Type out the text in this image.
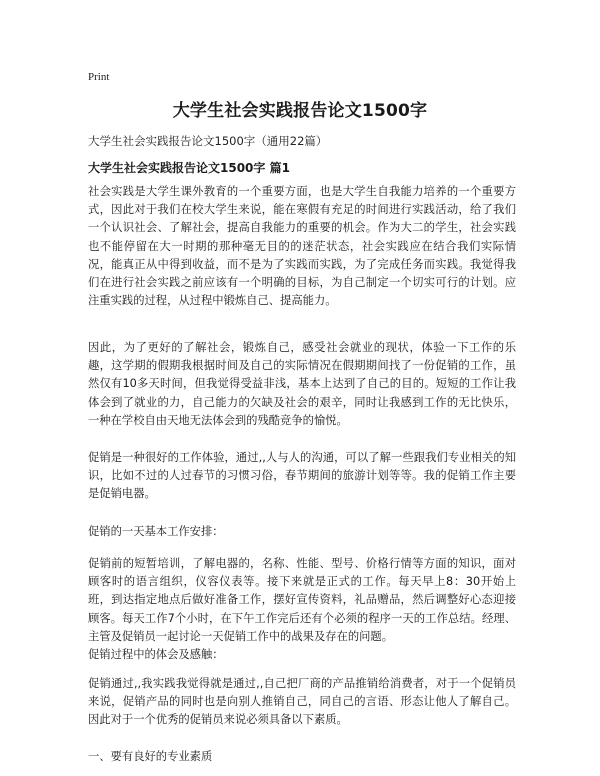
Print
大学生社会实践报告论文1500字
大学生社会实践报告论文1500字（通用22篇）
大学生社会实践报告论文1500字 篇1

社会实践是大学生课外教育的一个重要方面，也是大学生自我能力培养的一个重要方式，因此对于我们在校大学生来说，能在寒假有充足的时间进行实践活动，给了我们一个认识社会、了解社会，提高自我能力的重要的机会。作为大二的学生，社会实践也不能停留在大一时期的那种毫无目的的迷茫状态，社会实践应在结合我们实际情况，能真正从中得到收益，而不是为了实践而实践，为了完成任务而实践。我觉得我们在进行社会实践之前应该有一个明确的目标，为自己制定一个切实可行的计划。应注重实践的过程，从过程中锻炼自己、提高能力。

因此，为了更好的了解社会，锻炼自己，感受社会就业的现状，体验一下工作的乐趣，这学期的假期我根据时间及自己的实际情况在假期期间找了一份促销的工作，虽然仅有10多天时间，但我觉得受益非浅，基本上达到了自己的目的。短短的工作让我体会到了就业的力，自己能力的欠缺及社会的艰辛，同时让我感到工作的无比快乐，一种在学校自由天地无法体会到的残酷竞争的愉悦。

促销是一种很好的工作体验，通过,,人与人的沟通，可以了解一些跟我们专业相关的知识，比如不过的人过春节的习惯习俗，春节期间的旅游计划等等。我的促销工作主要是促销电器。

促销的一天基本工作安排：

促销前的短暂培训，了解电器的，名称、性能、型号、价格行情等方面的知识，面对顾客时的语言组织，仪容仪表等。接下来就是正式的工作。每天早上8：30开始上班，到达指定地点后做好准备工作，摆好宣传资料，礼品赠品，然后调整好心态迎接顾客。每天工作7个小时，在下午工作完后还有个必须的程序一天的工作总结。经理、主管及促销员一起讨论一天促销工作中的战果及存在的问题。

促销过程中的体会及感触：

促销通过,,我实践我觉得就是通过,,自己把厂商的产品推销给消费者，对于一个促销员来说，促销产品的同时也是向别人推销自己，同自己的言语、形态让他人了解自己。因此对于一个优秀的促销员来说必须具备以下素质。

一、要有良好的专业素质
